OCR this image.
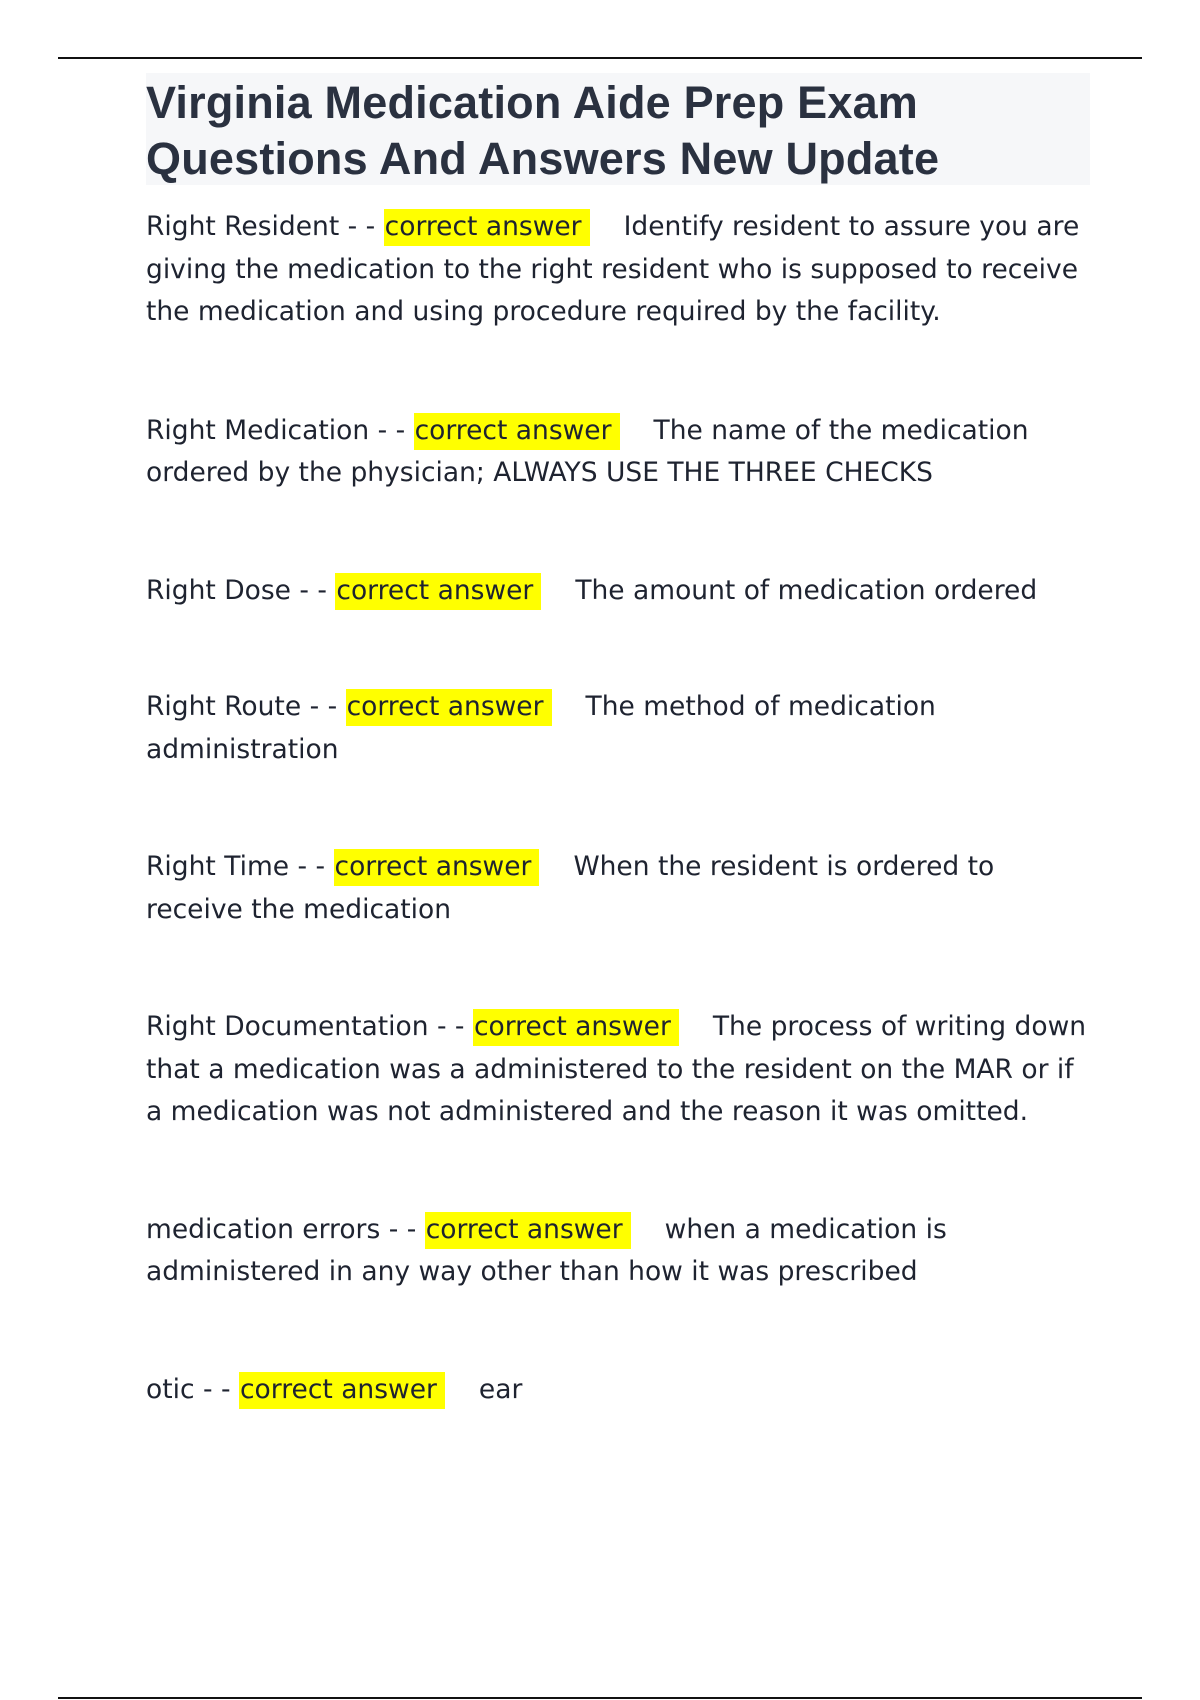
Virginia Medication Aide Prep Exam Questions And Answers New Update

Right Resident - - correct answer Identify resident to assure you are giving the medication to the right resident who is supposed to receive the medication and using procedure required by the facility.

Right Medication - - correct answer The name of the medication ordered by the physician; ALWAYS USE THE THREE CHECKS

Right Dose - - correct answer The amount of medication ordered

Right Route - - correct answer The method of medication administration

Right Time - - correct answer When the resident is ordered to receive the medication

Right Documentation - - correct answer The process of writing down that a medication was a administered to the resident on the MAR or if a medication was not administered and the reason it was omitted.

medication errors - - correct answer when a medication is administered in any way other than how it was prescribed

otic - - correct answer ear
